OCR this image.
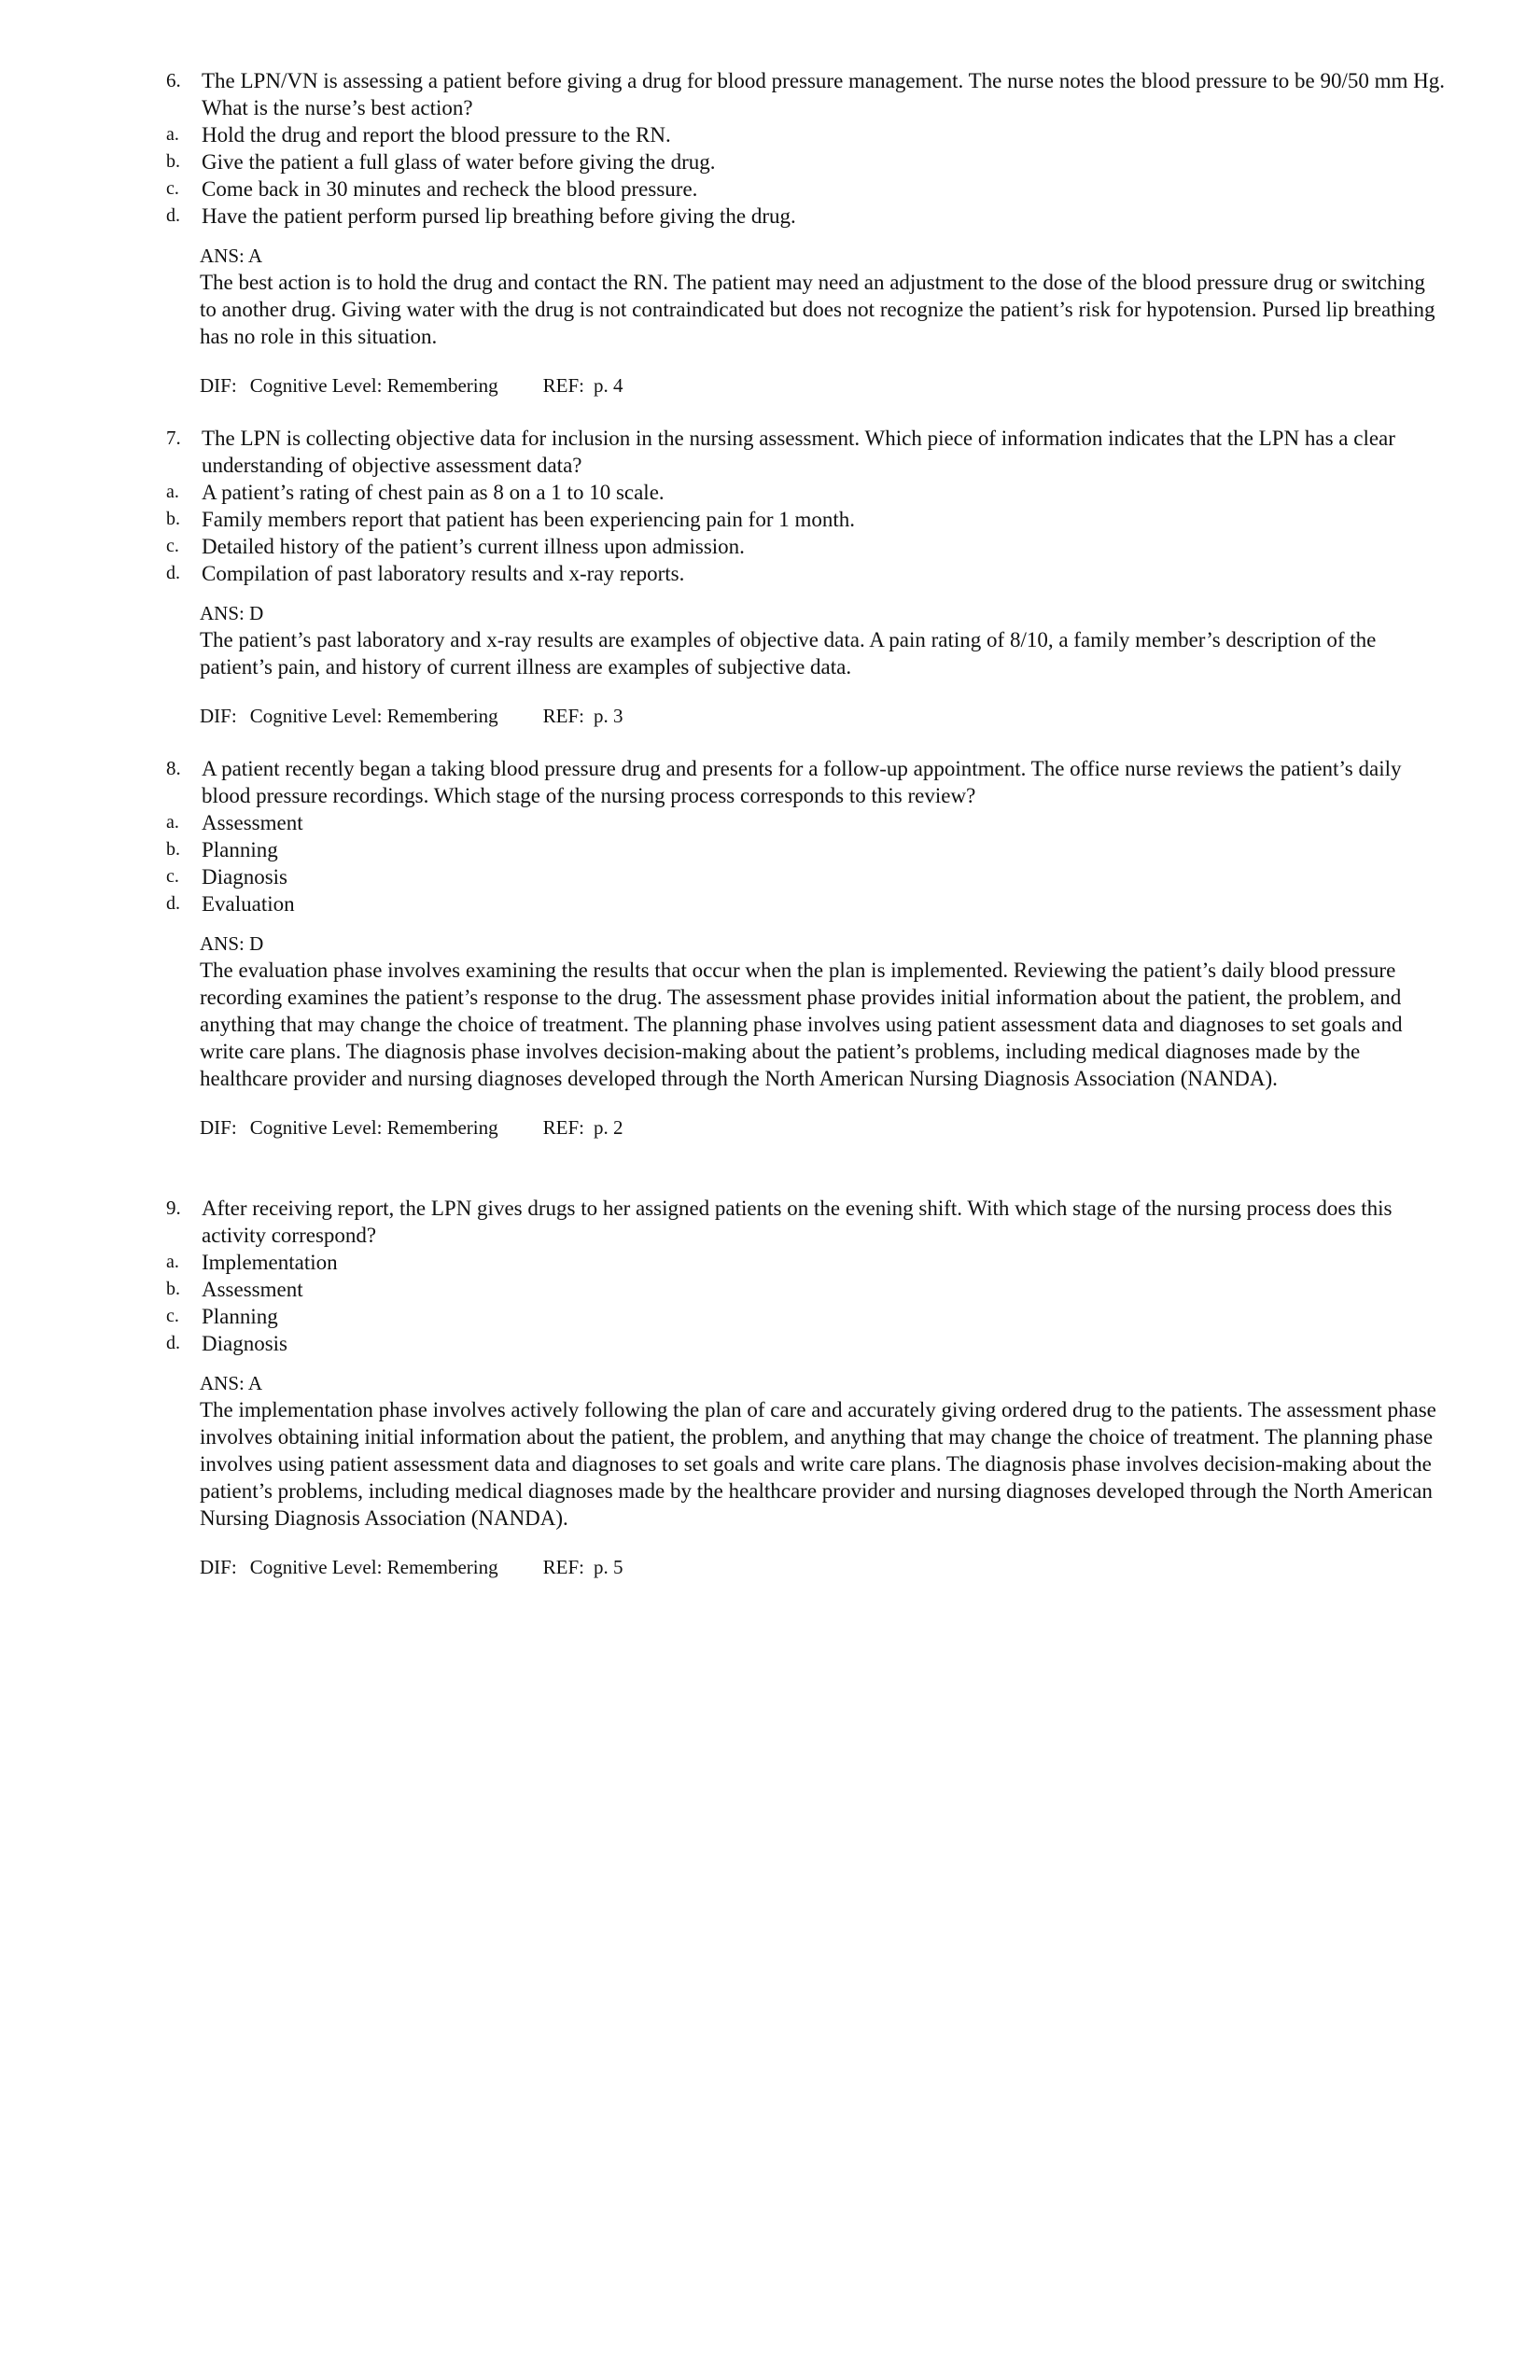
6. The LPN/VN is assessing a patient before giving a drug for blood pressure management. The nurse notes the blood pressure to be 90/50 mm Hg. What is the nurse’s best action?
a. Hold the drug and report the blood pressure to the RN.
b. Give the patient a full glass of water before giving the drug.
c. Come back in 30 minutes and recheck the blood pressure.
d. Have the patient perform pursed lip breathing before giving the drug.
ANS: A
The best action is to hold the drug and contact the RN. The patient may need an adjustment to the dose of the blood pressure drug or switching to another drug. Giving water with the drug is not contraindicated but does not recognize the patient’s risk for hypotension. Pursed lip breathing has no role in this situation.
DIF: Cognitive Level: Remembering REF: p. 4
7. The LPN is collecting objective data for inclusion in the nursing assessment. Which piece of information indicates that the LPN has a clear understanding of objective assessment data?
a. A patient’s rating of chest pain as 8 on a 1 to 10 scale.
b. Family members report that patient has been experiencing pain for 1 month.
c. Detailed history of the patient’s current illness upon admission.
d. Compilation of past laboratory results and x-ray reports.
ANS: D
The patient’s past laboratory and x-ray results are examples of objective data. A pain rating of 8/10, a family member’s description of the patient’s pain, and history of current illness are examples of subjective data.
DIF: Cognitive Level: Remembering REF: p. 3
8. A patient recently began a taking blood pressure drug and presents for a follow-up appointment. The office nurse reviews the patient’s daily blood pressure recordings. Which stage of the nursing process corresponds to this review?
a. Assessment
b. Planning
c. Diagnosis
d. Evaluation
ANS: D
The evaluation phase involves examining the results that occur when the plan is implemented. Reviewing the patient’s daily blood pressure recording examines the patient’s response to the drug. The assessment phase provides initial information about the patient, the problem, and anything that may change the choice of treatment. The planning phase involves using patient assessment data and diagnoses to set goals and write care plans. The diagnosis phase involves decision-making about the patient’s problems, including medical diagnoses made by the healthcare provider and nursing diagnoses developed through the North American Nursing Diagnosis Association (NANDA).
DIF: Cognitive Level: Remembering REF: p. 2
9. After receiving report, the LPN gives drugs to her assigned patients on the evening shift. With which stage of the nursing process does this activity correspond?
a. Implementation
b. Assessment
c. Planning
d. Diagnosis
ANS: A
The implementation phase involves actively following the plan of care and accurately giving ordered drug to the patients. The assessment phase involves obtaining initial information about the patient, the problem, and anything that may change the choice of treatment. The planning phase involves using patient assessment data and diagnoses to set goals and write care plans. The diagnosis phase involves decision-making about the patient’s problems, including medical diagnoses made by the healthcare provider and nursing diagnoses developed through the North American Nursing Diagnosis Association (NANDA).
DIF: Cognitive Level: Remembering REF: p. 5
